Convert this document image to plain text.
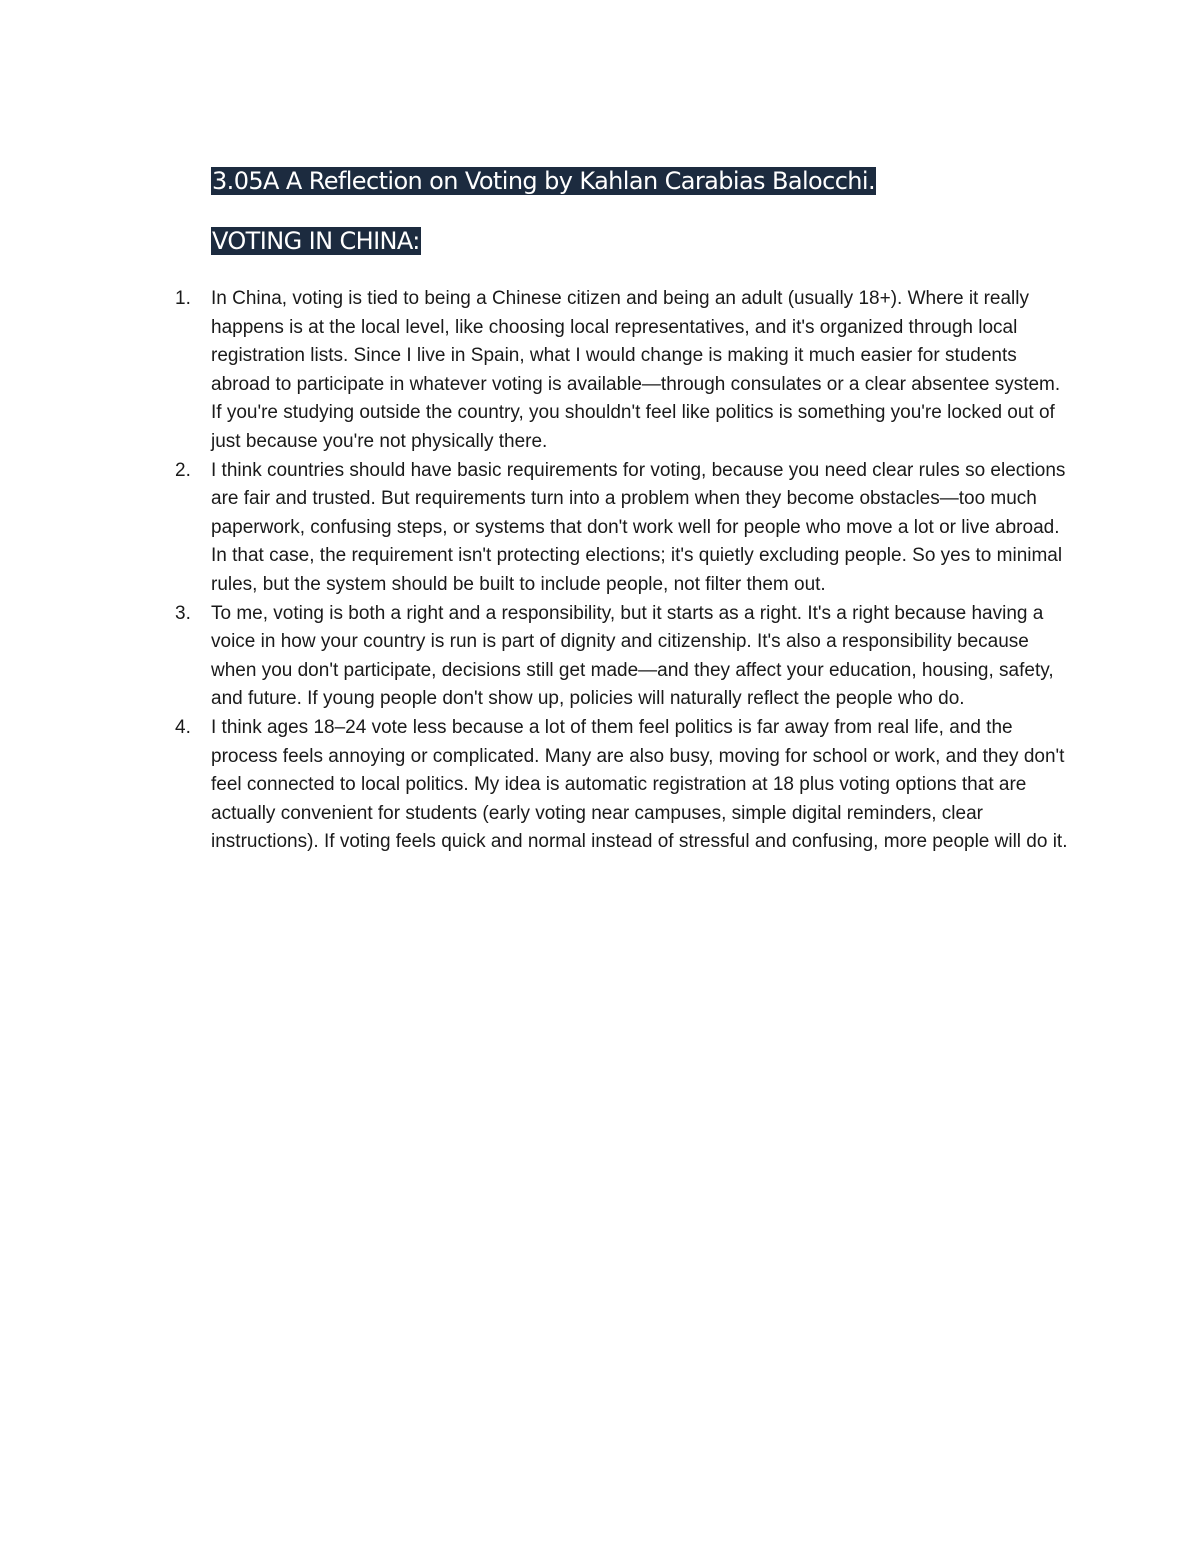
3.05A A Reflection on Voting by Kahlan Carabias Balocchi.
VOTING IN CHINA:
1.	In China, voting is tied to being a Chinese citizen and being an adult (usually 18+). Where it really happens is at the local level, like choosing local representatives, and it's organized through local registration lists. Since I live in Spain, what I would change is making it much easier for students abroad to participate in whatever voting is available—through consulates or a clear absentee system. If you're studying outside the country, you shouldn't feel like politics is something you're locked out of just because you're not physically there.
2.	I think countries should have basic requirements for voting, because you need clear rules so elections are fair and trusted. But requirements turn into a problem when they become obstacles—too much paperwork, confusing steps, or systems that don't work well for people who move a lot or live abroad. In that case, the requirement isn't protecting elections; it's quietly excluding people. So yes to minimal rules, but the system should be built to include people, not filter them out.
3.	To me, voting is both a right and a responsibility, but it starts as a right. It's a right because having a voice in how your country is run is part of dignity and citizenship. It's also a responsibility because when you don't participate, decisions still get made—and they affect your education, housing, safety, and future. If young people don't show up, policies will naturally reflect the people who do.
4.	I think ages 18–24 vote less because a lot of them feel politics is far away from real life, and the process feels annoying or complicated. Many are also busy, moving for school or work, and they don't feel connected to local politics. My idea is automatic registration at 18 plus voting options that are actually convenient for students (early voting near campuses, simple digital reminders, clear instructions). If voting feels quick and normal instead of stressful and confusing, more people will do it.
